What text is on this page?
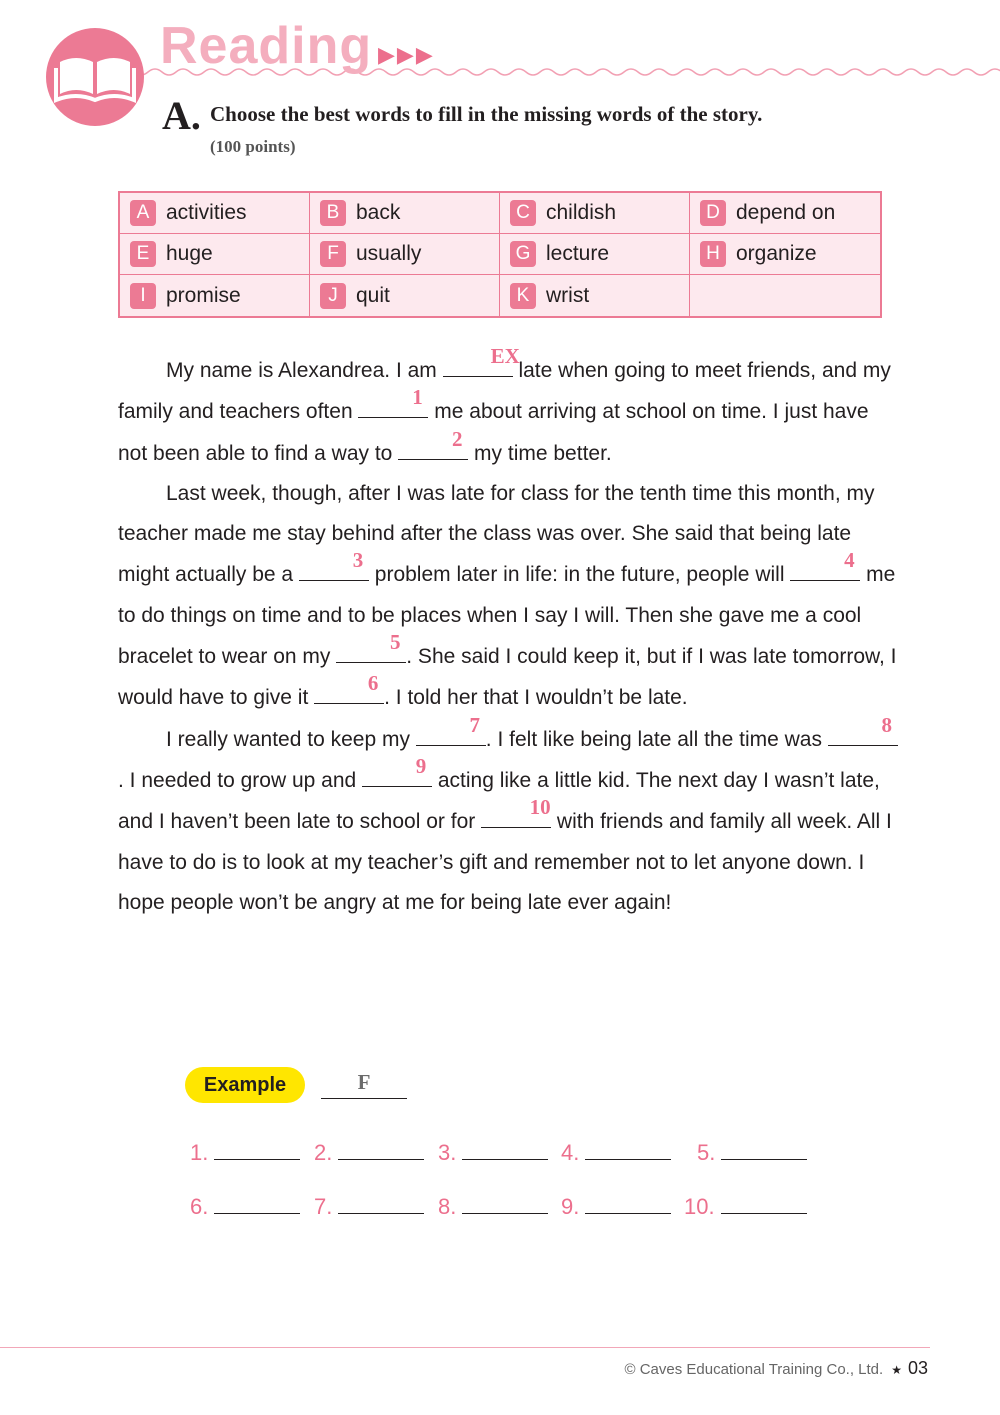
Reading ▶▶▶
A. Choose the best words to fill in the missing words of the story.
(100 points)
A activities	B back	C childish	D depend on
E huge	F usually	G lecture	H organize
I promise	J quit	K wrist

My name is Alexandrea. I am
EX
late when going to meet friends, and my family and teachers often
1
me about arriving at school on time. I just have not been able to find a way to
2
my time better.

Last week, though, after I was late for class for the tenth time this month, my teacher made me stay behind after the class was over. She said that being late might actually be a
3
problem later in life: in the future, people will
4
me to do things on time and to be places when I say I will. Then she gave me a cool bracelet to wear on my
5
. She said I could keep it, but if I was late tomorrow, I would have to give it
6
. I told her that I wouldn’t be late.

I really wanted to keep my
7
. I felt like being late all the time was
8
. I needed to grow up and
9
acting like a little kid. The next day I wasn’t late, and I haven’t been late to school or for
10
with friends and family all week. All I have to do is to look at my teacher’s gift and remember not to let anyone down. I hope people won’t be angry at me for being late ever again!

Example	F
1.	2.	3.	4.	5.
6.	7.	8.	9.	10.
© Caves Educational Training Co., Ltd. ★ 03
